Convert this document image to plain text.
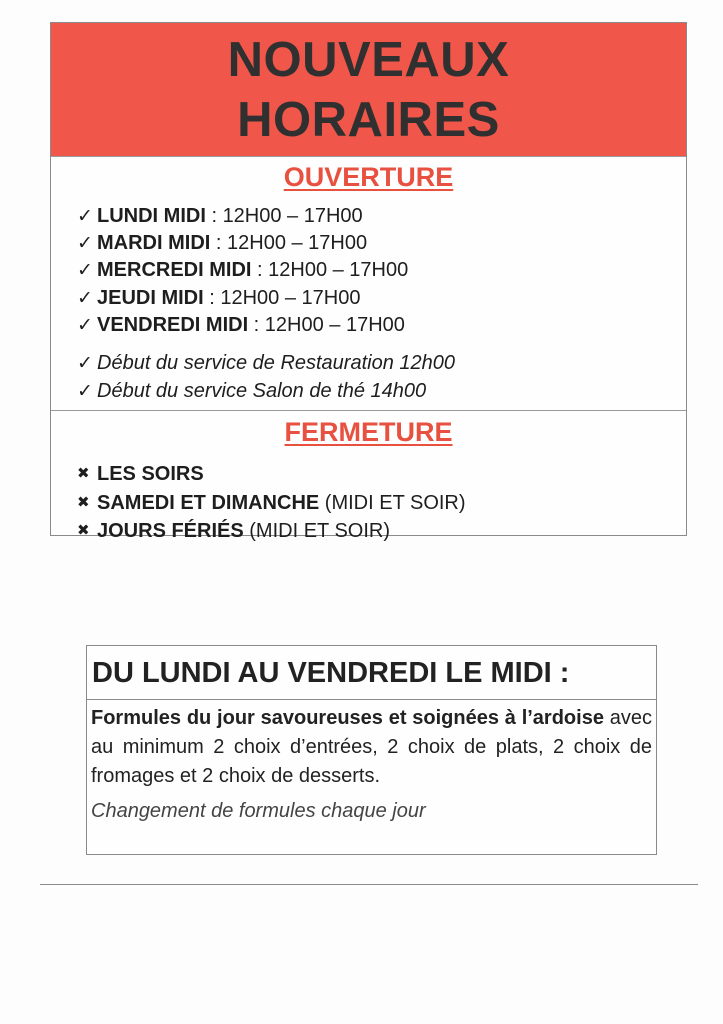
NOUVEAUX
HORAIRES
OUVERTURE
✓ LUNDI MIDI : 12H00 – 17H00
✓ MARDI MIDI : 12H00 – 17H00
✓ MERCREDI MIDI : 12H00 – 17H00
✓ JEUDI MIDI : 12H00 – 17H00
✓ VENDREDI MIDI : 12H00 – 17H00
✓ Début du service de Restauration 12h00
✓ Début du service Salon de thé 14h00
FERMETURE
✖ LES SOIRS
✖ SAMEDI ET DIMANCHE (MIDI ET SOIR)
✖ JOURS FÉRIÉS (MIDI ET SOIR)
DU LUNDI AU VENDREDI LE MIDI :
Formules du jour savoureuses et soignées à l’ardoise avec au minimum 2 choix d’entrées, 2 choix de plats, 2 choix de fromages et 2 choix de desserts.
Changement de formules chaque jour
